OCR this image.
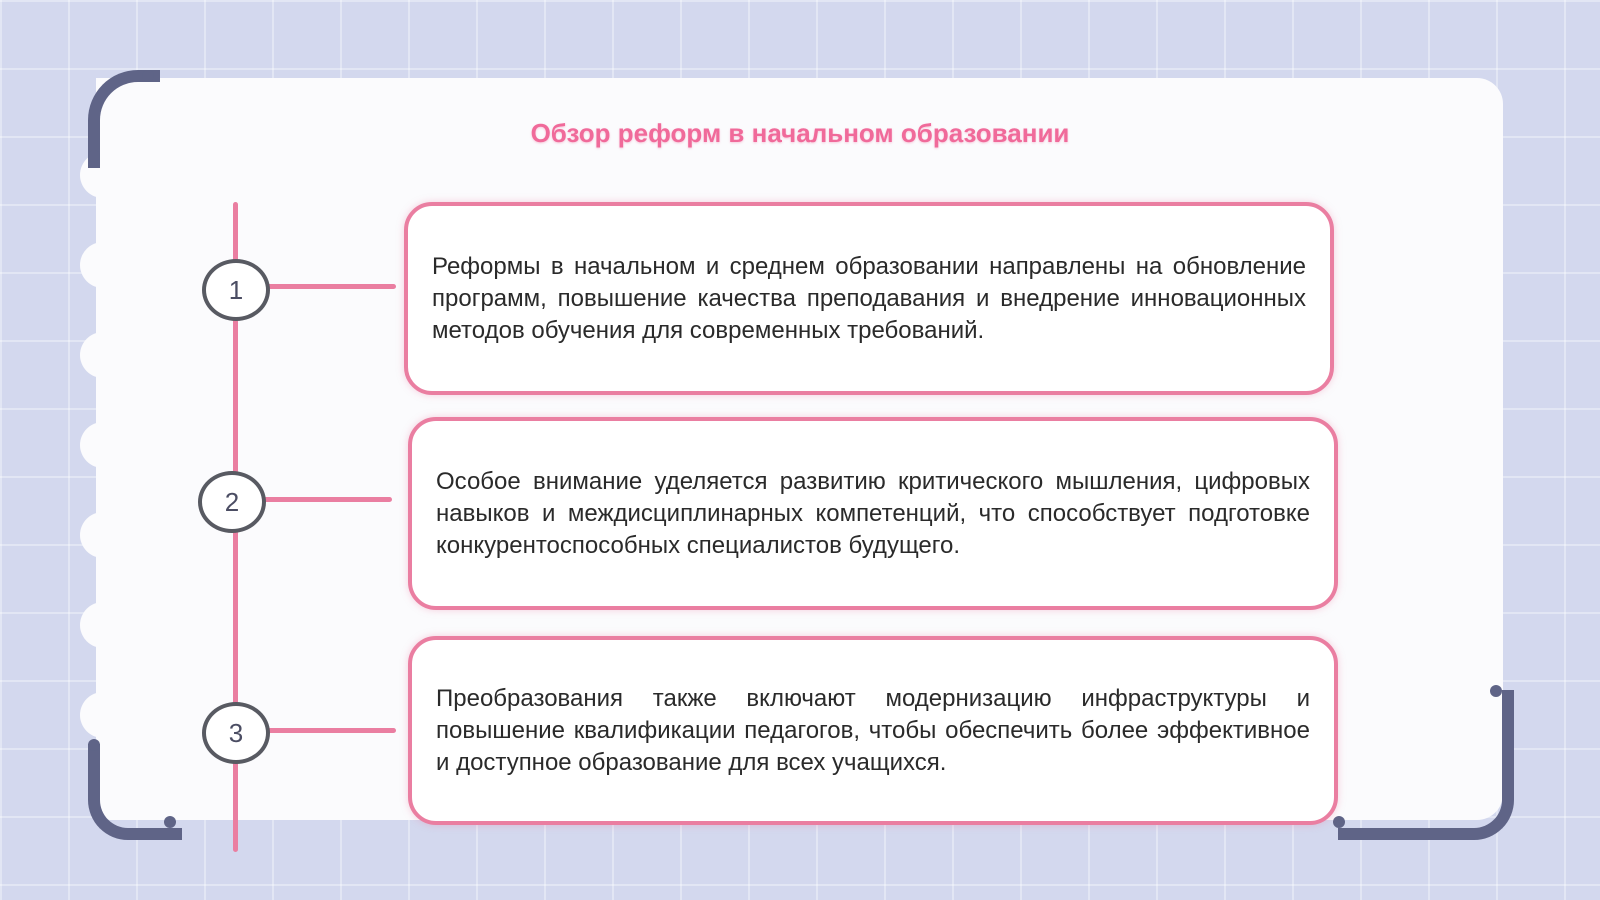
Обзор реформ в начальном образовании
1
2
3

Реформы в начальном и среднем образовании направлены на обновление программ, повышение качества преподавания и внедрение инновационных методов обучения для современных требований.

Особое внимание уделяется развитию критического мышления, цифровых навыков и междисциплинарных компетенций, что способствует подготовке конкурентоспособных специалистов будущего.

Преобразования также включают модернизацию инфраструктуры и повышение квалификации педагогов, чтобы обеспечить более эффективное и доступное образование для всех учащихся.
